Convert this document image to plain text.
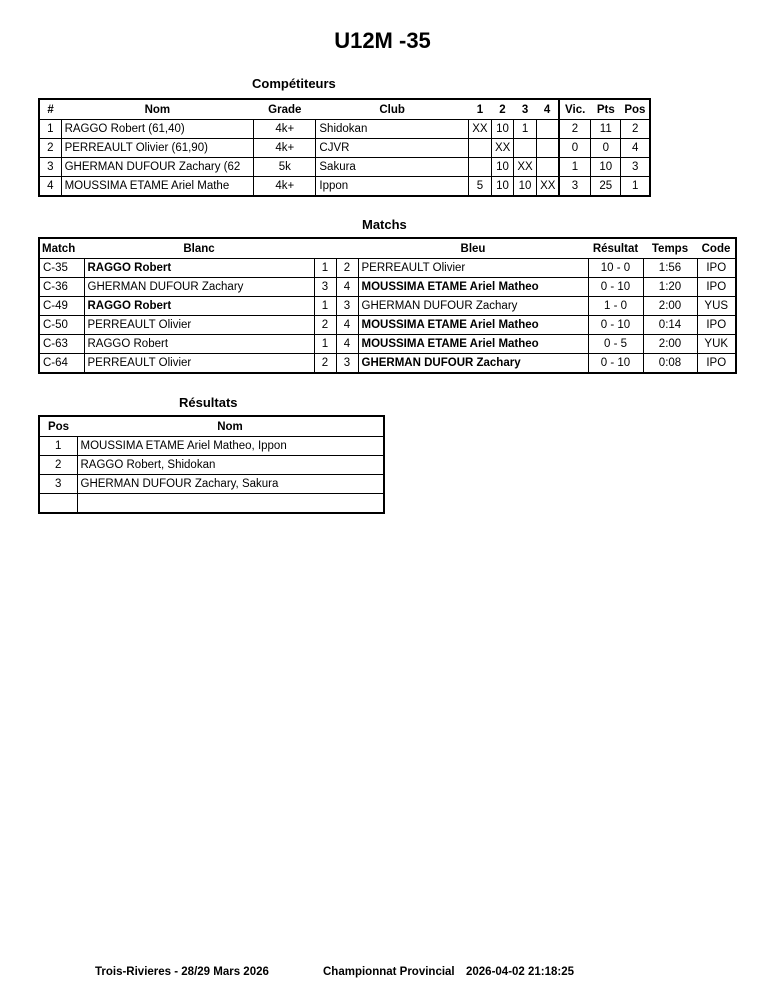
U12M -35
Compétiteurs
#	Nom	Grade	Club	1	2	3	4	Vic.	Pts	Pos
1	RAGGO Robert (61,40)	4k+	Shidokan	XX	10	1		2	11	2
2	PERREAULT Olivier (61,90)	4k+	CJVR		XX			0	0	4
3	GHERMAN DUFOUR Zachary (62	5k	Sakura		10	XX		1	10	3
4	MOUSSIMA ETAME Ariel Mathe	4k+	Ippon	5	10	10	XX	3	25	1
Matchs
Match	Blanc			Bleu	Résultat	Temps	Code
C-35	RAGGO Robert	1	2	PERREAULT Olivier	10 - 0	1:56	IPO
C-36	GHERMAN DUFOUR Zachary	3	4	MOUSSIMA ETAME Ariel Matheo	0 - 10	1:20	IPO
C-49	RAGGO Robert	1	3	GHERMAN DUFOUR Zachary	1 - 0	2:00	YUS
C-50	PERREAULT Olivier	2	4	MOUSSIMA ETAME Ariel Matheo	0 - 10	0:14	IPO
C-63	RAGGO Robert	1	4	MOUSSIMA ETAME Ariel Matheo	0 - 5	2:00	YUK
C-64	PERREAULT Olivier	2	3	GHERMAN DUFOUR Zachary	0 - 10	0:08	IPO
Résultats
Pos	Nom
1	MOUSSIMA ETAME Ariel Matheo, Ippon
2	RAGGO Robert, Shidokan
3	GHERMAN DUFOUR Zachary, Sakura

Trois-Rivieres - 28/29 Mars 2026	Championnat Provincial 2026-04-02 21:18:25
